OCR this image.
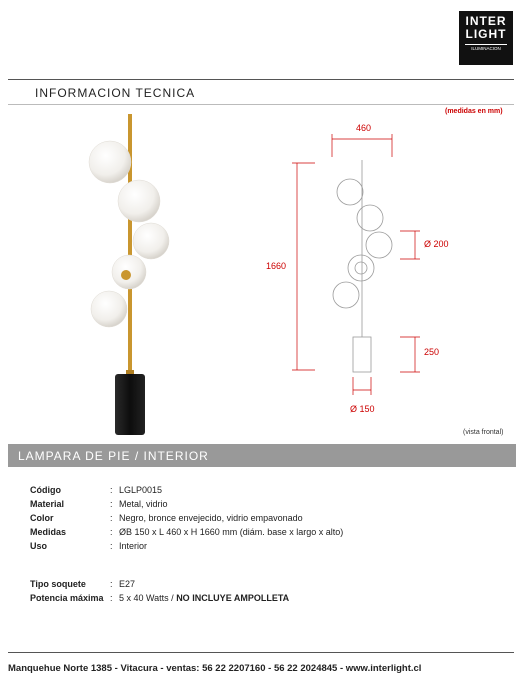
INTER
LIGHT
ILUMINACION
INFORMACION TECNICA
(medidas en mm)
460
1660
Ø 200
250
Ø 150
(vista frontal)
LAMPARA DE PIE / INTERIOR
Código	: LGLP0015
Material	: Metal, vidrio
Color	: Negro, bronce envejecido, vidrio empavonado
Medidas	: ØB 150 x L 460 x H 1660 mm (diám. base x largo x alto)
Uso	: Interior
Tipo soquete	: E27
Potencia máxima : 5 x 40 Watts / NO INCLUYE AMPOLLETA
Manquehue Norte 1385 - Vitacura - ventas: 56 22 2207160 - 56 22 2024845 - www.interlight.cl
